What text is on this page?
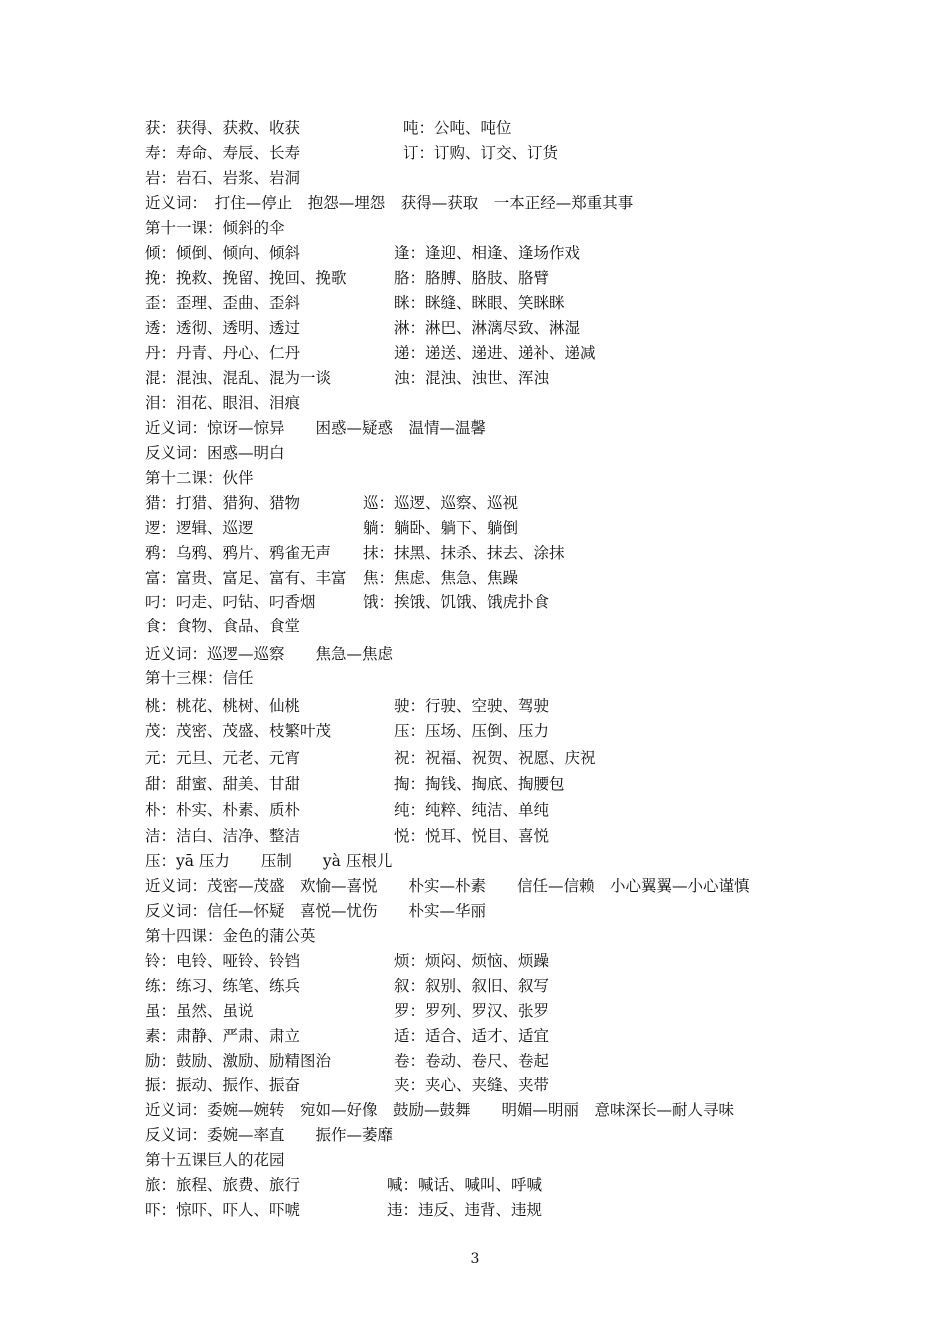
获：获得、获救、收获	吨：公吨、吨位
寿：寿命、寿辰、长寿	订：订购、订交、订货
岩：岩石、岩浆、岩洞
近义词：　打住—停止　抱怨—埋怨　获得—获取　一本正经—郑重其事
第十一课：倾斜的伞
倾：倾倒、倾向、倾斜	逢：逢迎、相逢、逢场作戏
挽：挽救、挽留、挽回、挽歌	胳：胳膊、胳肢、胳臂
歪：歪理、歪曲、歪斜	眯：眯缝、眯眼、笑眯眯
透：透彻、透明、透过	淋：淋巴、淋漓尽致、淋湿
丹：丹青、丹心、仁丹	递：递送、递进、递补、递减
混：混浊、混乱、混为一谈	浊：混浊、浊世、浑浊
泪：泪花、眼泪、泪痕
近义词：惊讶—惊异　　困惑—疑惑　温情—温馨
反义词：困惑—明白
第十二课：伙伴
猎：打猎、猎狗、猎物	巡：巡逻、巡察、巡视
逻：逻辑、巡逻	躺：躺卧、躺下、躺倒
鸦：乌鸦、鸦片、鸦雀无声 抹：抹黑、抹杀、抹去、涂抹
富：富贵、富足、富有、丰富 焦：焦虑、焦急、焦躁
叼：叼走、叼钻、叼香烟	饿：挨饿、饥饿、饿虎扑食
食：食物、食品、食堂
近义词：巡逻—巡察　　焦急—焦虑
第十三棵：信任
桃：桃花、桃树、仙桃	驶：行驶、空驶、驾驶
茂：茂密、茂盛、枝繁叶茂	压：压场、压倒、压力
元：元旦、元老、元宵	祝：祝福、祝贺、祝愿、庆祝
甜：甜蜜、甜美、甘甜	掏：掏钱、掏底、掏腰包
朴：朴实、朴素、质朴	纯：纯粹、纯洁、单纯
洁：洁白、洁净、整洁	悦：悦耳、悦目、喜悦
压：yā 压力　　压制　　yà 压根儿
近义词：茂密—茂盛　欢愉—喜悦　　朴实—朴素　　信任—信赖　小心翼翼—小心谨慎
反义词：信任—怀疑　喜悦—忧伤　　朴实—华丽
第十四课：金色的蒲公英
铃：电铃、哑铃、铃铛	烦：烦闷、烦恼、烦躁
练：练习、练笔、练兵	叙：叙别、叙旧、叙写
虽：虽然、虽说	罗：罗列、罗汉、张罗
素：肃静、严肃、肃立	适：适合、适才、适宜
励：鼓励、激励、励精图治	卷：卷动、卷尺、卷起
振：振动、振作、振奋	夹：夹心、夹缝、夹带
近义词：委婉—婉转　宛如—好像　鼓励—鼓舞　　明媚—明丽　意味深长—耐人寻味
反义词：委婉—率直　　振作—萎靡
第十五课巨人的花园
旅：旅程、旅费、旅行	喊：喊话、喊叫、呼喊
吓：惊吓、吓人、吓唬	违：违反、违背、违规
3
